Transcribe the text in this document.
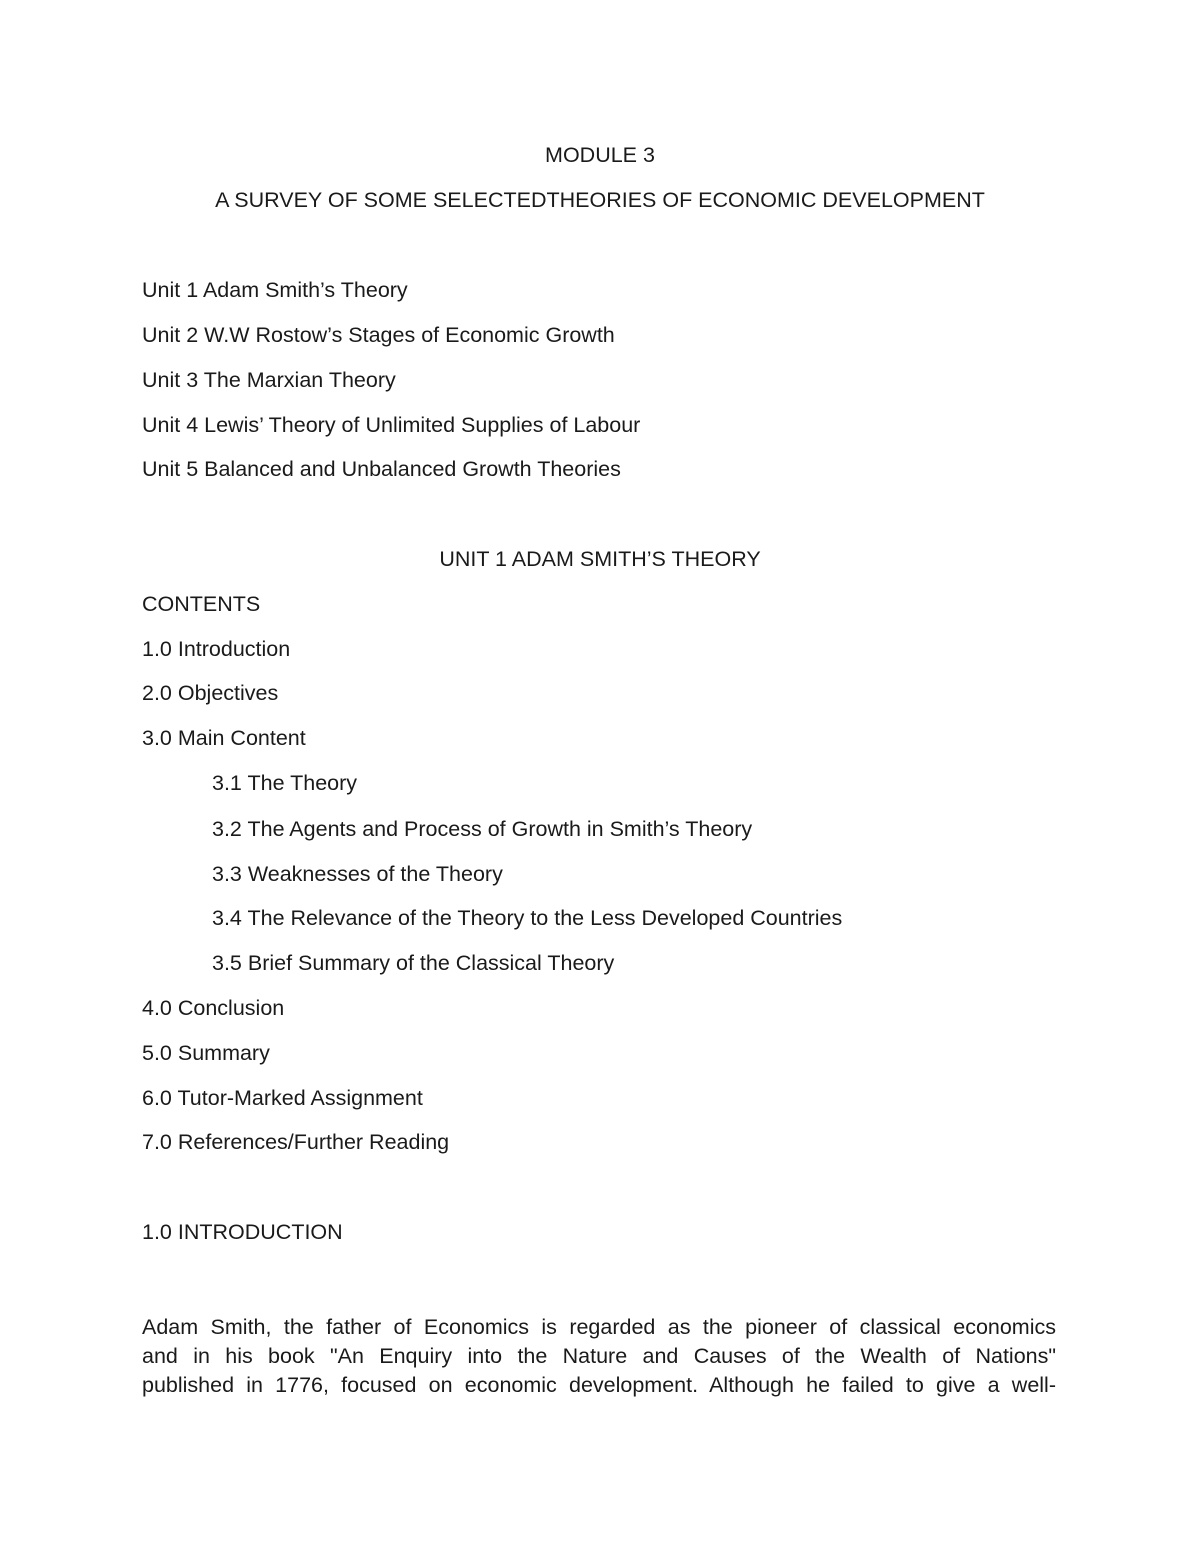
MODULE 3
A SURVEY OF SOME SELECTEDTHEORIES OF ECONOMIC DEVELOPMENT
Unit 1 Adam Smith’s Theory
Unit 2 W.W Rostow’s Stages of Economic Growth
Unit 3 The Marxian Theory
Unit 4 Lewis’ Theory of Unlimited Supplies of Labour
Unit 5 Balanced and Unbalanced Growth Theories
UNIT 1 ADAM SMITH’S THEORY
CONTENTS
1.0 Introduction
2.0 Objectives
3.0 Main Content
3.1 The Theory
3.2 The Agents and Process of Growth in Smith’s Theory
3.3 Weaknesses of the Theory
3.4 The Relevance of the Theory to the Less Developed Countries
3.5 Brief Summary of the Classical Theory
4.0 Conclusion
5.0 Summary
6.0 Tutor-Marked Assignment
7.0 References/Further Reading
1.0 INTRODUCTION
Adam Smith, the father of Economics is regarded as the pioneer of classical economics
and in his book "An Enquiry into the Nature and Causes of the Wealth of Nations"
published in 1776, focused on economic development. Although he failed to give a well-
